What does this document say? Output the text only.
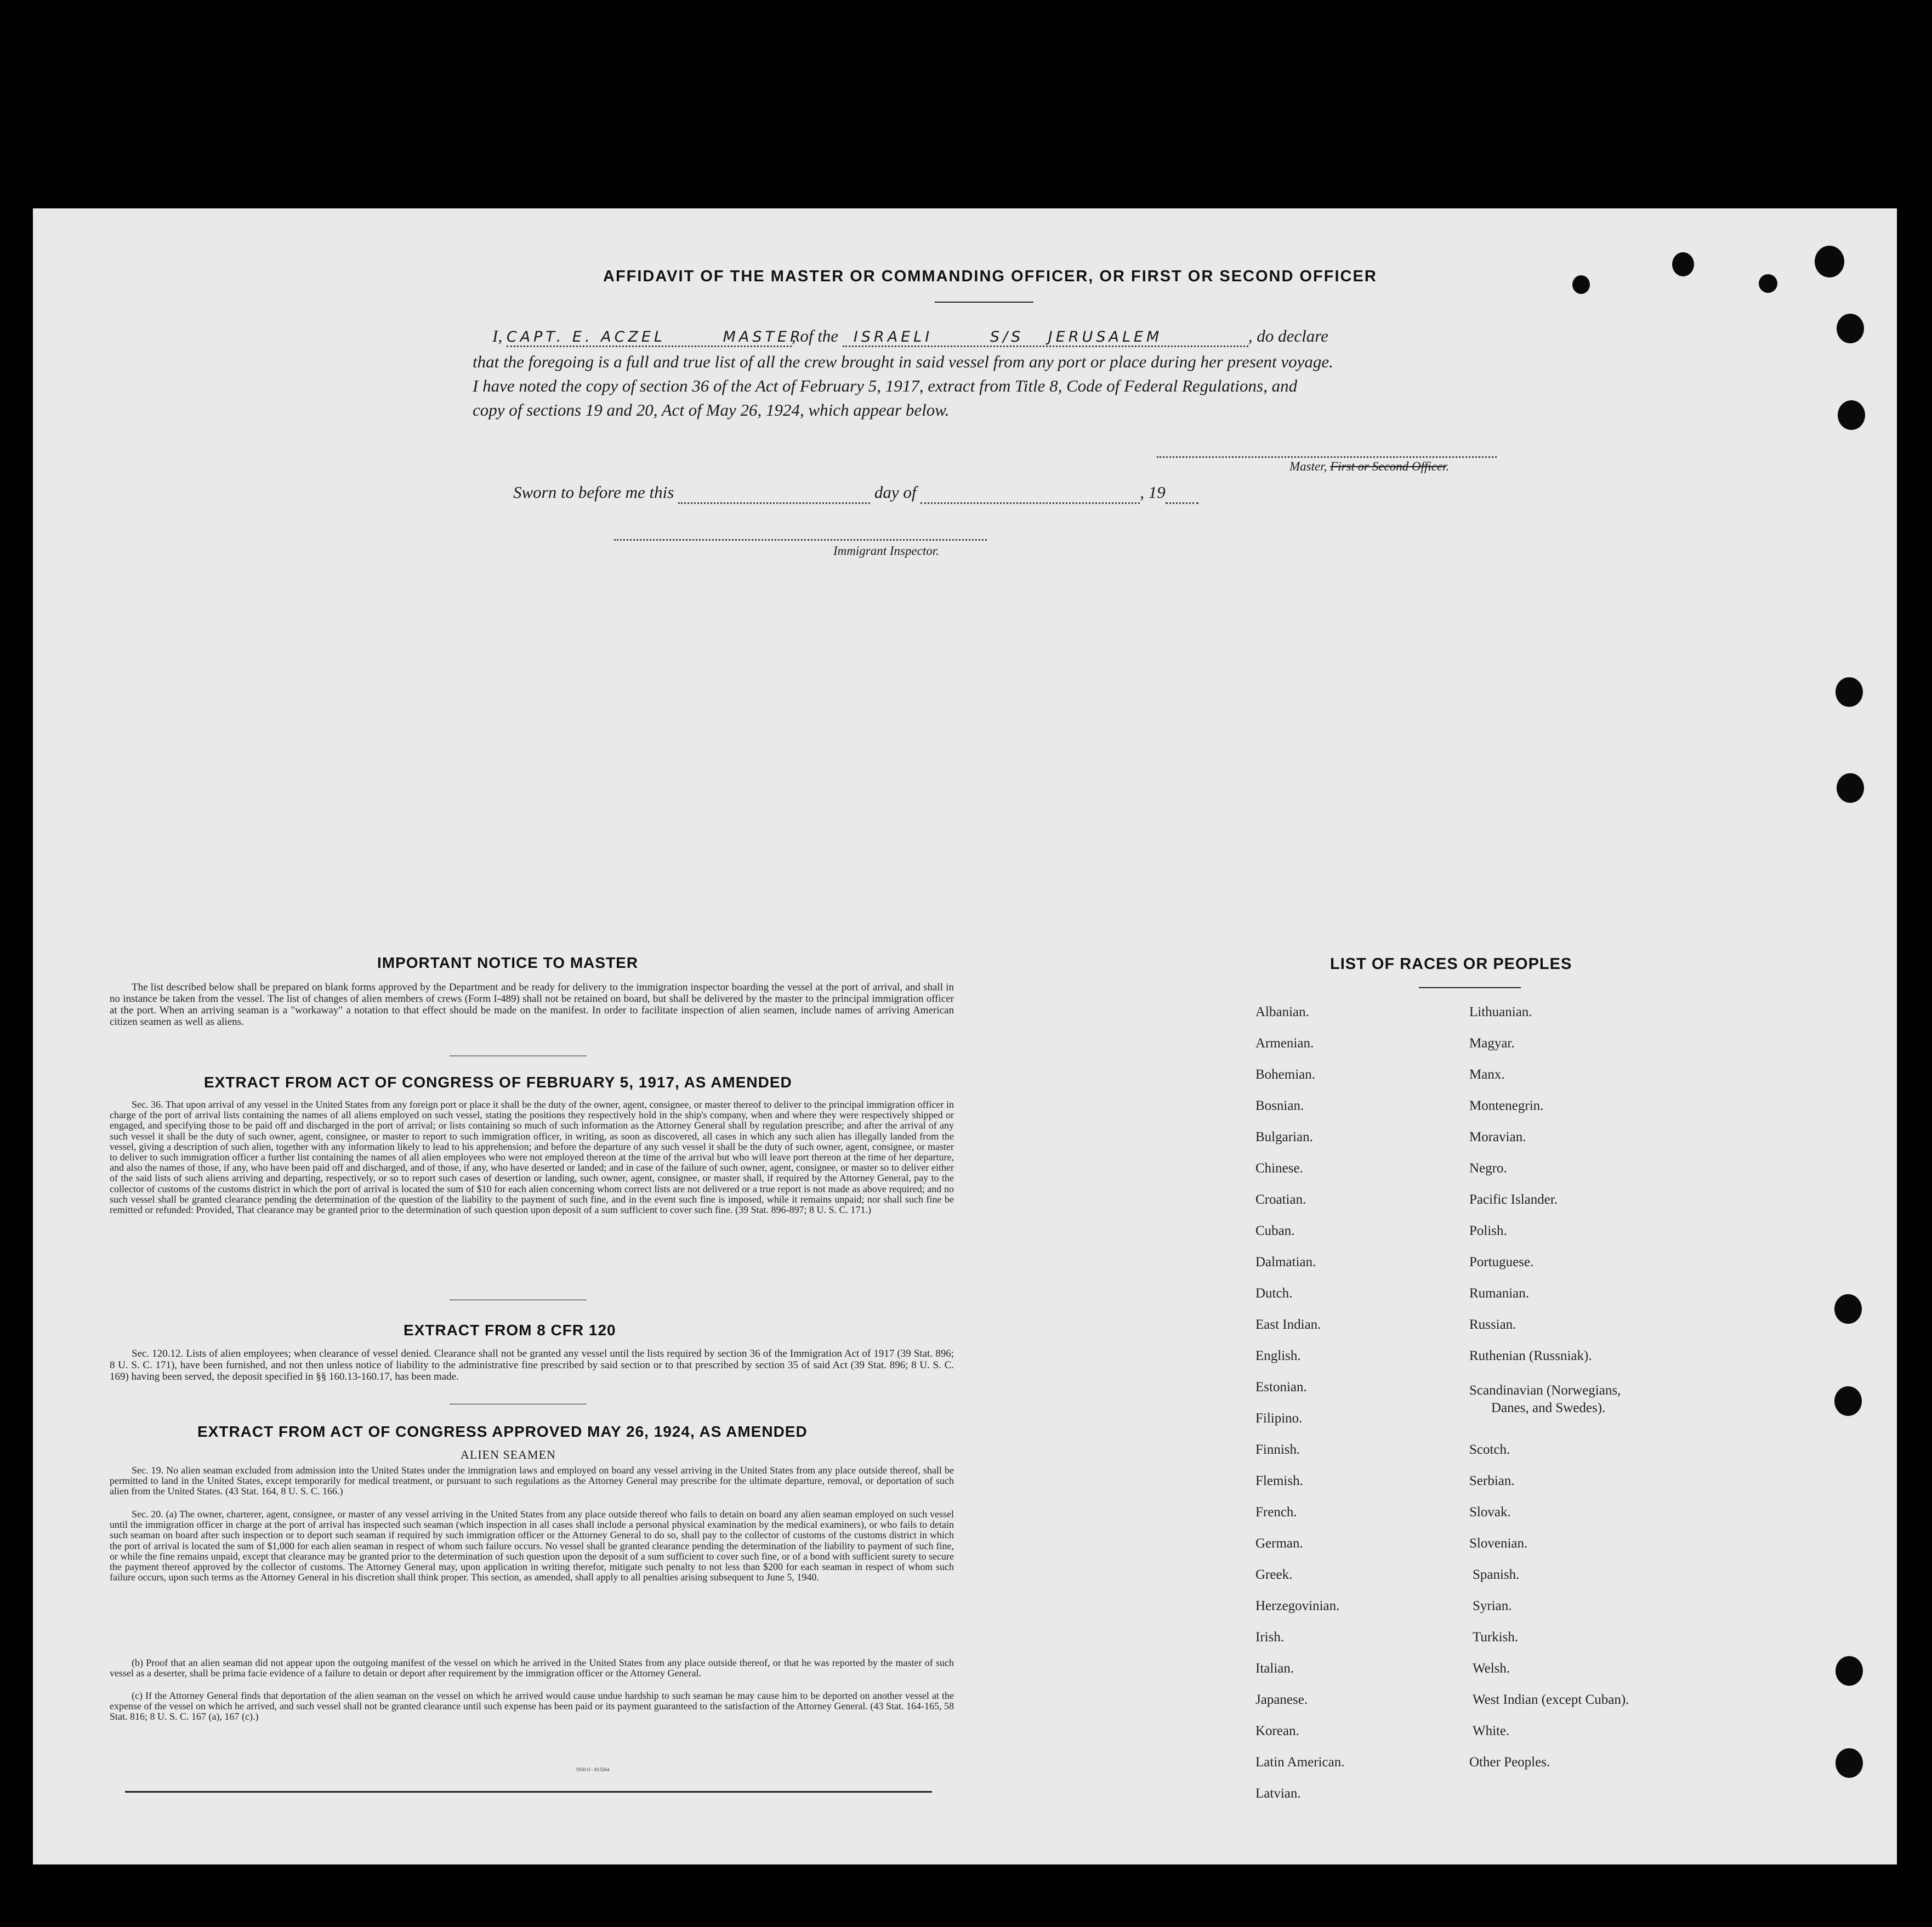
AFFIDAVIT OF THE MASTER OR COMMANDING OFFICER, OR FIRST OR SECOND OFFICER
I, CAPT. E. ACZEL	MASTER, of the ISRAELI	S/S JERUSALEM	, do declare
that the foregoing is a full and true list of all the crew brought in said vessel from any port or place during her present voyage.
I have noted the copy of section 36 of the Act of February 5, 1917, extract from Title 8, Code of Federal Regulations, and
copy of sections 19 and 20, Act of May 26, 1924, which appear below.
Master, First or Second Officer.
Sworn to before me this	day of	, 19
Immigrant Inspector.
IMPORTANT NOTICE TO MASTER
The list described below shall be prepared on blank forms approved by the Department and be ready for delivery to the immigration inspector boarding the vessel at the port of arrival, and shall in no instance be taken from the vessel. The list of changes of alien members of crews (Form I-489) shall not be retained on board, but shall be delivered by the master to the principal immigration officer at the port. When an arriving seaman is a "workaway" a notation to that effect should be made on the manifest. In order to facilitate inspection of alien seamen, include names of arriving American citizen seamen as well as aliens.
EXTRACT FROM ACT OF CONGRESS OF FEBRUARY 5, 1917, AS AMENDED
Sec. 36. That upon arrival of any vessel in the United States from any foreign port or place it shall be the duty of the owner, agent, consignee, or master thereof to deliver to the principal immigration officer in charge of the port of arrival lists containing the names of all aliens employed on such vessel, stating the positions they respectively hold in the ship's company, when and where they were respectively shipped or engaged, and specifying those to be paid off and discharged in the port of arrival; or lists containing so much of such information as the Attorney General shall by regulation prescribe; and after the arrival of any such vessel it shall be the duty of such owner, agent, consignee, or master to report to such immigration officer, in writing, as soon as discovered, all cases in which any such alien has illegally landed from the vessel, giving a description of such alien, together with any information likely to lead to his apprehension; and before the departure of any such vessel it shall be the duty of such owner, agent, consignee, or master to deliver to such immigration officer a further list containing the names of all alien employees who were not employed thereon at the time of the arrival but who will leave port thereon at the time of her departure, and also the names of those, if any, who have been paid off and discharged, and of those, if any, who have deserted or landed; and in case of the failure of such owner, agent, consignee, or master so to deliver either of the said lists of such aliens arriving and departing, respectively, or so to report such cases of desertion or landing, such owner, agent, consignee, or master shall, if required by the Attorney General, pay to the collector of customs of the customs district in which the port of arrival is located the sum of $10 for each alien concerning whom correct lists are not delivered or a true report is not made as above required; and no such vessel shall be granted clearance pending the determination of the question of the liability to the payment of such fine, and in the event such fine is imposed, while it remains unpaid; nor shall such fine be remitted or refunded: Provided, That clearance may be granted prior to the determination of such question upon deposit of a sum sufficient to cover such fine. (39 Stat. 896-897; 8 U. S. C. 171.)
EXTRACT FROM 8 CFR 120
Sec. 120.12. Lists of alien employees; when clearance of vessel denied. Clearance shall not be granted any vessel until the lists required by section 36 of the Immigration Act of 1917 (39 Stat. 896; 8 U. S. C. 171), have been furnished, and not then unless notice of liability to the administrative fine prescribed by said section or to that prescribed by section 35 of said Act (39 Stat. 896; 8 U. S. C. 169) having been served, the deposit specified in §§ 160.13-160.17, has been made.
EXTRACT FROM ACT OF CONGRESS APPROVED MAY 26, 1924, AS AMENDED
ALIEN SEAMEN
Sec. 19. No alien seaman excluded from admission into the United States under the immigration laws and employed on board any vessel arriving in the United States from any place outside thereof, shall be permitted to land in the United States, except temporarily for medical treatment, or pursuant to such regulations as the Attorney General may prescribe for the ultimate departure, removal, or deportation of such alien from the United States. (43 Stat. 164, 8 U. S. C. 166.)
Sec. 20. (a) The owner, charterer, agent, consignee, or master of any vessel arriving in the United States from any place outside thereof who fails to detain on board any alien seaman employed on such vessel until the immigration officer in charge at the port of arrival has inspected such seaman (which inspection in all cases shall include a personal physical examination by the medical examiners), or who fails to detain such seaman on board after such inspection or to deport such seaman if required by such immigration officer or the Attorney General to do so, shall pay to the collector of customs of the customs district in which the port of arrival is located the sum of $1,000 for each alien seaman in respect of whom such failure occurs. No vessel shall be granted clearance pending the determination of the liability to payment of such fine, or while the fine remains unpaid, except that clearance may be granted prior to the determination of such question upon the deposit of a sum sufficient to cover such fine, or of a bond with sufficient surety to secure the payment thereof approved by the collector of customs. The Attorney General may, upon application in writing therefor, mitigate such penalty to not less than $200 for each seaman in respect of whom such failure occurs, upon such terms as the Attorney General in his discretion shall think proper. This section, as amended, shall apply to all penalties arising subsequent to June 5, 1940.
(b) Proof that an alien seaman did not appear upon the outgoing manifest of the vessel on which he arrived in the United States from any place outside thereof, or that he was reported by the master of such vessel as a deserter, shall be prima facie evidence of a failure to detain or deport after requirement by the immigration officer or the Attorney General.
(c) If the Attorney General finds that deportation of the alien seaman on the vessel on which he arrived would cause undue hardship to such seaman he may cause him to be deported on another vessel at the expense of the vessel on which he arrived, and such vessel shall not be granted clearance until such expense has been paid or its payment guaranteed to the satisfaction of the Attorney General. (43 Stat. 164-165, 58 Stat. 816; 8 U. S. C. 167 (a), 167 (c).)
1950 O - 813264
LIST OF RACES OR PEOPLES
Albanian.
Armenian.
Bohemian.
Bosnian.
Bulgarian.
Chinese.
Croatian.
Cuban.
Dalmatian.
Dutch.
East Indian.
English.
Estonian.
Filipino.
Finnish.
Flemish.
French.
German.
Greek.
Herzegovinian.
Irish.
Italian.
Japanese.
Korean.
Latin American.
Latvian.
Lithuanian.
Magyar.
Manx.
Montenegrin.
Moravian.
Negro.
Pacific Islander.
Polish.
Portuguese.
Rumanian.
Russian.
Ruthenian (Russniak).
Scandinavian (Norwegians,
Danes, and Swedes).
Scotch.
Serbian.
Slovak.
Slovenian.
Spanish.
Syrian.
Turkish.
Welsh.
West Indian (except Cuban).
White.
Other Peoples.
